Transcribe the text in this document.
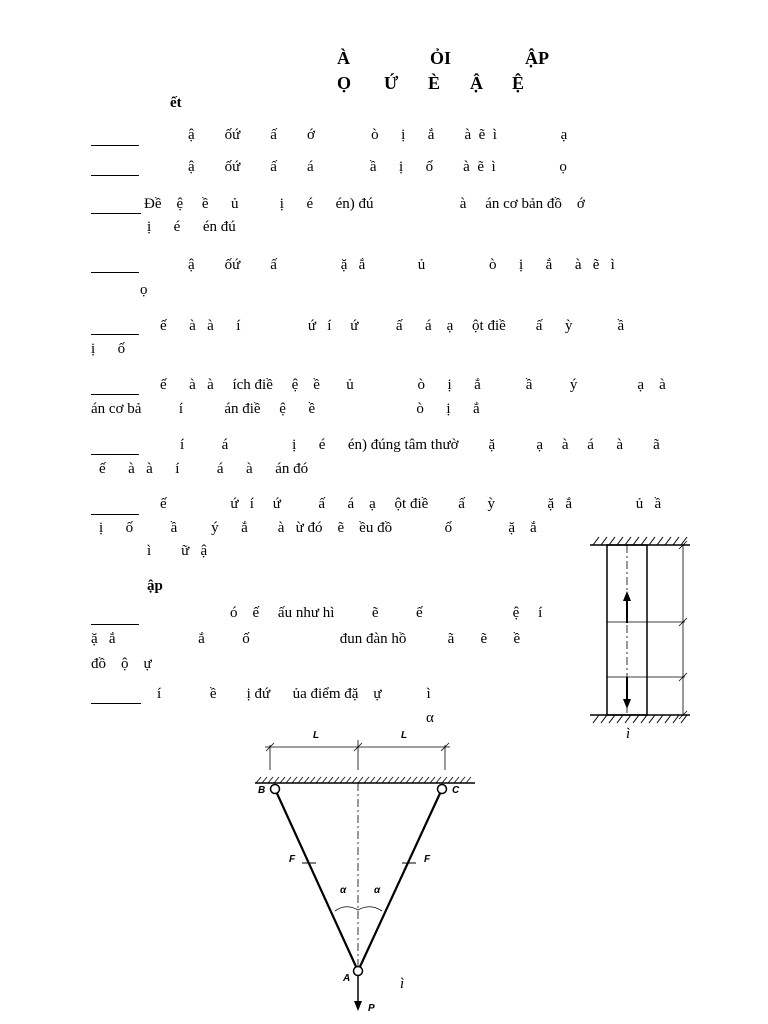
À	ỎI	ẬP
Ọ Ứ È Ậ Ệ
ết
ậ        ốứ        ấ        ớ               ò      ị      ắ        à  ẽ  ì                 ạ
ậ        ốứ        ấ        á               ầ      ị      ố        à  ẽ  ì                 ọ
Đề    ệ     ề      ủ           ị      é      én) đú                       à     án cơ bản đồ    ớ
ị      é      én đú
ậ        ốứ        ấ                 ặ   ắ              ủ                 ò      ị      ắ      à   ẽ   ì
ọ
ế      à   à      í                  ứ   í     ứ          ấ      á    ạ     ột điề        ấ      ỳ            ầ
ị      ố
ế      à   à     ích điề     ệ    ề       ủ                 ò      ị      ắ            ầ          ý                ạ    à
án cơ bả          í           án điề     ệ      ề                           ò      ị      ắ
í          á                 ị      é      én) đúng tâm thườ        ặ           ạ     à     á      à        ã
ế      à   à      í          á      à      án đó
ế                 ứ   í     ứ          ấ      á    ạ     ột điề        ấ      ỳ              ặ   ắ                 ủ   ầ
ị      ố          ầ         ý      ắ        à   ừ đó    ẽ    ều đồ              ố               ặ    ắ
ì        ữ   ậ
ập
ó    ế     ấu như hì          ẽ          ế                        ệ     í
ặ   ắ                      ắ          ố                        đun đàn hồ           ã       ẽ       ề
đồ    ộ    ự
í             ề        ị đứ      ủa điểm đặ    ự            ì
α
ì
L	L
B	C
F	F
α	α
A
P
ì
